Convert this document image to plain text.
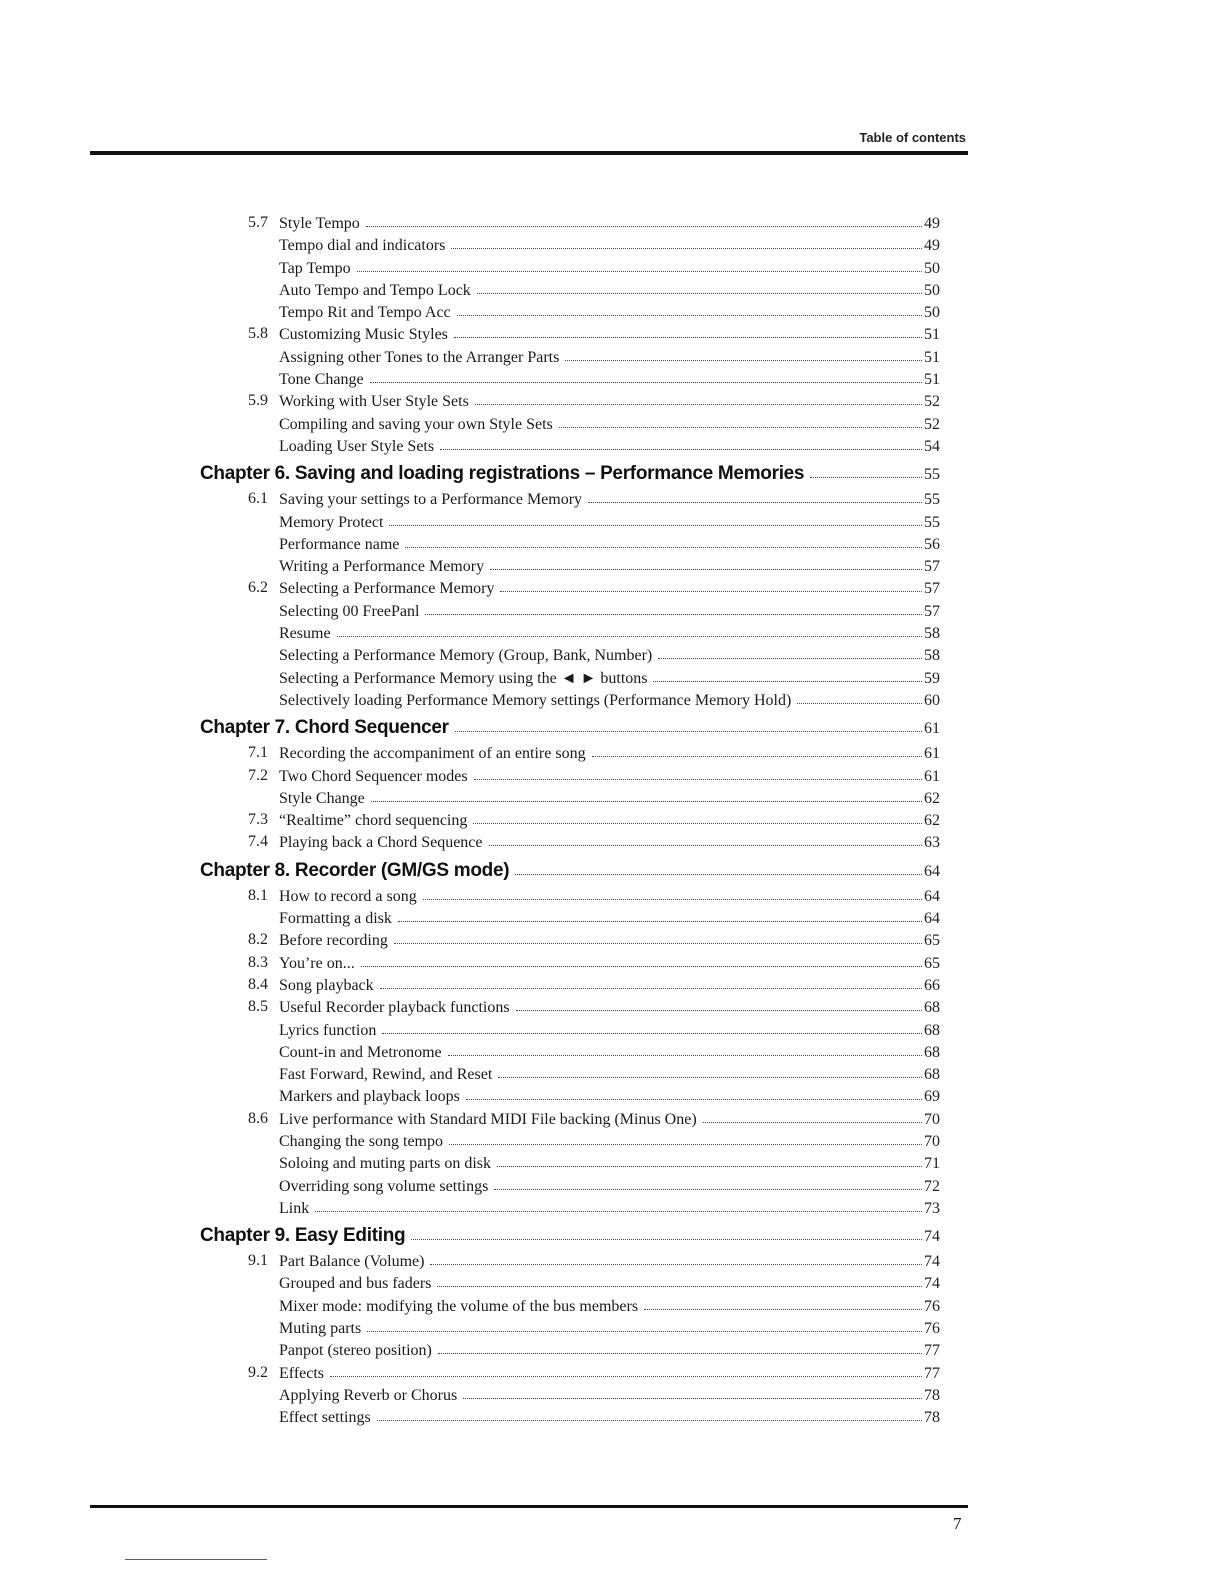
Table of contents
5.7 Style Tempo	49
Tempo dial and indicators	49
Tap Tempo	50
Auto Tempo and Tempo Lock	50
Tempo Rit and Tempo Acc	50
5.8 Customizing Music Styles	51
Assigning other Tones to the Arranger Parts	51
Tone Change	51
5.9 Working with User Style Sets	52
Compiling and saving your own Style Sets	52
Loading User Style Sets	54
Chapter 6. Saving and loading registrations – Performance Memories	55
6.1 Saving your settings to a Performance Memory	55
Memory Protect	55
Performance name	56
Writing a Performance Memory	57
6.2 Selecting a Performance Memory	57
Selecting 00 FreePanl	57
Resume	58
Selecting a Performance Memory (Group, Bank, Number)	58
Selecting a Performance Memory using the ◄ ► buttons	59
Selectively loading Performance Memory settings (Performance Memory Hold)	60
Chapter 7. Chord Sequencer	61
7.1 Recording the accompaniment of an entire song	61
7.2 Two Chord Sequencer modes	61
Style Change	62
7.3 “Realtime” chord sequencing	62
7.4 Playing back a Chord Sequence	63
Chapter 8. Recorder (GM/GS mode)	64
8.1 How to record a song	64
Formatting a disk	64
8.2 Before recording	65
8.3 You’re on...	65
8.4 Song playback	66
8.5 Useful Recorder playback functions	68
Lyrics function	68
Count-in and Metronome	68
Fast Forward, Rewind, and Reset	68
Markers and playback loops	69
8.6 Live performance with Standard MIDI File backing (Minus One)	70
Changing the song tempo	70
Soloing and muting parts on disk	71
Overriding song volume settings	72
Link	73
Chapter 9. Easy Editing	74
9.1 Part Balance (Volume)	74
Grouped and bus faders	74
Mixer mode: modifying the volume of the bus members	76
Muting parts	76
Panpot (stereo position)	77
9.2 Effects	77
Applying Reverb or Chorus	78
Effect settings	78
7
